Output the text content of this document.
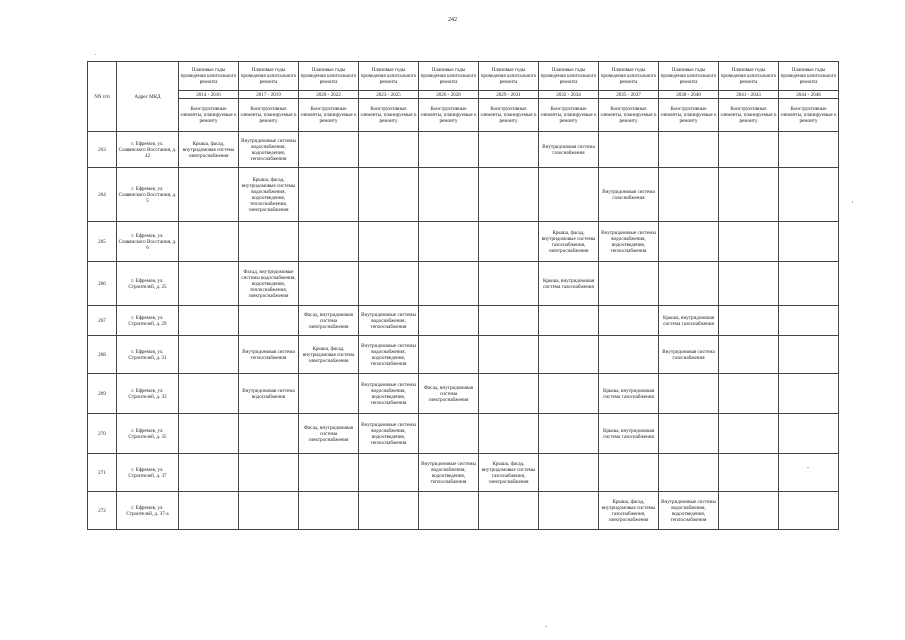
242
NN п/п	Адрес МКД	Плановые годы проведения капитального ремонта	Плановые годы проведения капитального ремонта	Плановые годы проведения капитального ремонта	Плановые годы проведения капитального ремонта	Плановые годы проведения капитального ремонта	Плановые годы проведения капитального ремонта	Плановые годы проведения капитального ремонта	Плановые годы проведения капитального ремонта	Плановые годы проведения капитального ремонта	Плановые годы проведения капитального ремонта	Плановые годы проведения капитального ремонта
		2014 - 2016	2017 - 2019	2020 - 2022	2023 - 2025	2026 - 2028	2029 - 2031	2032 - 2034	2035 - 2037	2038 - 2040	2041 - 2043	2044 - 2046
		Конструктивные элементы, планируемые к ремонту	Конструктивные элементы, планируемые к ремонту	Конструктивные элементы, планируемые к ремонту	Конструктивные элементы, планируемые к ремонту	Конструктивные элементы, планируемые к ремонту	Конструктивные элементы, планируемые к ремонту	Конструктивные элементы, планируемые к ремонту	Конструктивные элементы, планируемые к ремонту	Конструктивные элементы, планируемые к ремонту	Конструктивные элементы, планируемые к ремонту	Конструктивные элементы, планируемые к ремонту
263	г. Ефремов, ул. Славянского Восстания, д. 42	Крыша, фасад, внутридомовая система электроснабжения	Внутридомовые системы водоснабжения, водоотведения, теплоснабжения					Внутридомовая система газоснабжения				
264	г. Ефремов, ул. Славянского Восстания, д. 5		Крыша, фасад, внутридомовые системы водоснабжения, водоотведения, теплоснабжения, электроснабжения						Внутридомовая система газоснабжения			
265	г. Ефремов, ул. Славянского Восстания, д. 6							Крыша, фасад, внутридомовые системы газоснабжения, электроснабжения	Внутридомовые системы водоснабжения, водоотведения, теплоснабжения			
266	г. Ефремов, ул. Строителей, д. 25		Фасад, внутридомовые системы водоснабжения, водоотведения, теплоснабжения, электроснабжения					Крыша, внутридомовая система газоснабжения				
267	г. Ефремов, ул. Строителей, д. 29			Фасад, внутридомовая система электроснабжения	Внутридомовые системы водоснабжения, теплоснабжения					Крыша, внутридомовая система газоснабжения		
268	г. Ефремов, ул. Строителей, д. 31		Внутридомовая система теплоснабжения	Крыша, фасад, внутридомовая система электроснабжения	Внутридомовые системы водоснабжения, водоотведения, теплоснабжения					Внутридомовая система газоснабжения		
269	г. Ефремов, ул. Строителей, д. 33		Внутридомовая система водоснабжения		Внутридомовые системы водоснабжения, водоотведения, теплоснабжения	Фасад, внутридомовая система электроснабжения			Крыша, внутридомовая система газоснабжения			
270	г. Ефремов, ул. Строителей, д. 35			Фасад, внутридомовая система электроснабжения	Внутридомовые системы водоснабжения, водоотведения, теплоснабжения				Крыша, внутридомовая система газоснабжения			
271	г. Ефремов, ул. Строителей, д. 37					Внутридомовые системы водоснабжения, водоотведения, теплоснабжения	Крыша, фасад, внутридомовые системы газоснабжения, электроснабжения					
272	г. Ефремов, ул. Строителей, д. 37-а								Крыша, фасад, внутридомовые системы газоснабжения, электроснабжения	Внутридомовые системы водоснабжения, водоотведения, теплоснабжения		
